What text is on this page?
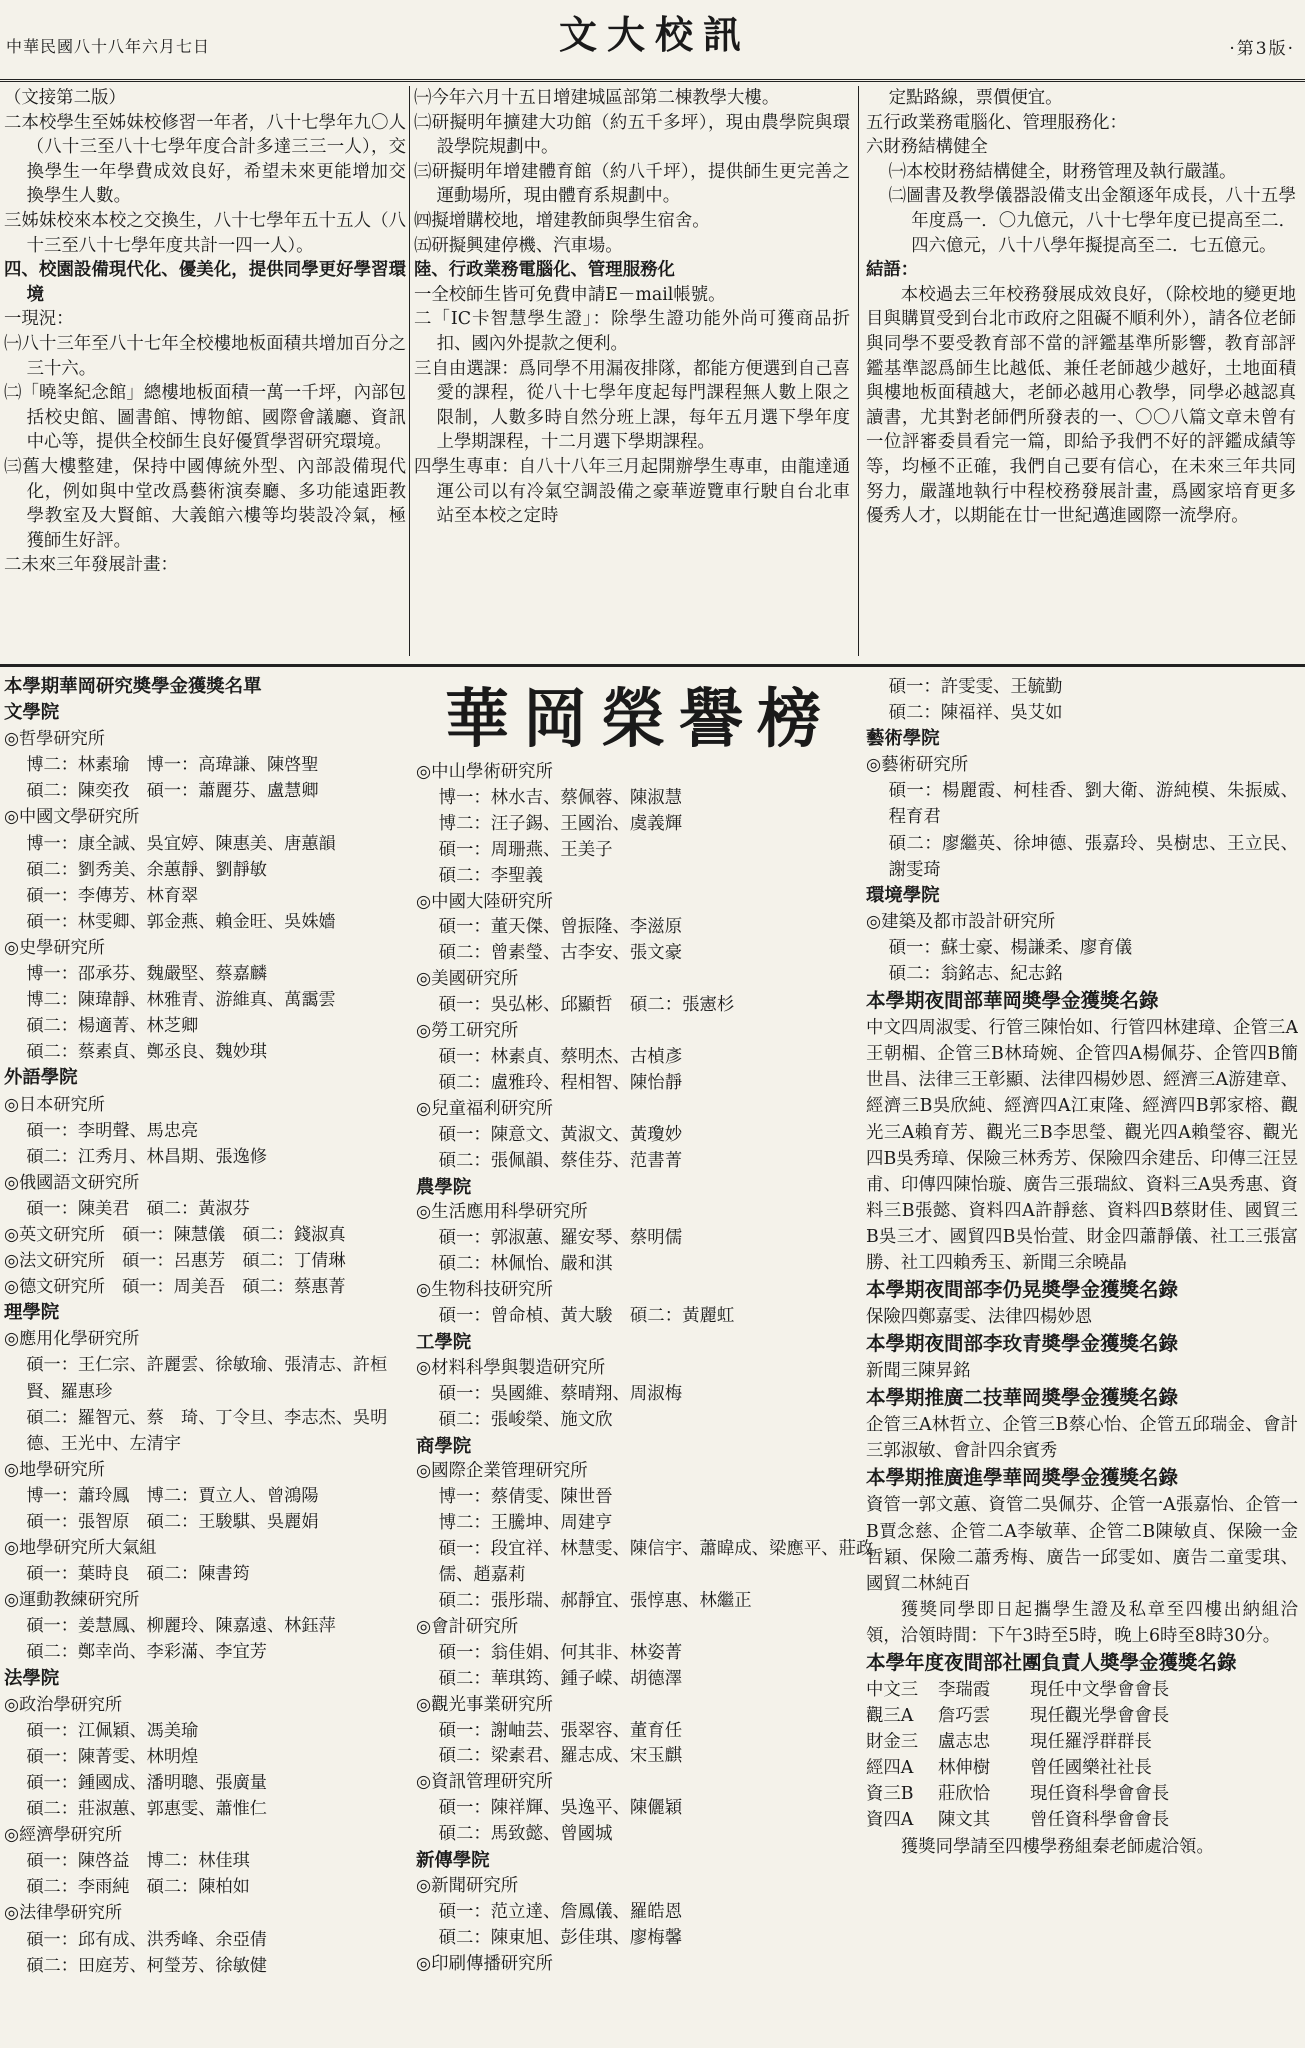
中華民國八十八年六月七日	文大校訊	·第3版·

（文接第二版）

二本校學生至姊妹校修習一年者，八十七學年九〇人（八十三至八十七學年度合計多達三三一人），交換學生一年學費成效良好，希望未來更能增加交換學生人數。

三姊妹校來本校之交換生，八十七學年五十五人（八十三至八十七學年度共計一四一人）。

四、校園設備現代化、優美化，提供同學更好學習環境

一現況：

㈠八十三年至八十七年全校樓地板面積共增加百分之三十六。

㈡「曉峯紀念館」總樓地板面積一萬一千坪，內部包括校史館、圖書館、博物館、國際會議廳、資訊中心等，提供全校師生良好優質學習研究環境。

㈢舊大樓整建，保持中國傳統外型、內部設備現代化，例如與中堂改爲藝術演奏廳、多功能遠距教學教室及大賢館、大義館六樓等均裝設冷氣，極獲師生好評。

二未來三年發展計畫：

㈠今年六月十五日增建城區部第二棟教學大樓。

㈡研擬明年擴建大功館（約五千多坪），現由農學院與環設學院規劃中。

㈢研擬明年增建體育館（約八千坪），提供師生更完善之運動場所，現由體育系規劃中。

㈣擬增購校地，增建教師與學生宿舍。

㈤研擬興建停機、汽車場。

陸、行政業務電腦化、管理服務化

一全校師生皆可免費申請E－mail帳號。

二「IC卡智慧學生證」：除學生證功能外尚可獲商品折扣、國內外提款之便利。

三自由選課：爲同學不用漏夜排隊，都能方便選到自己喜愛的課程，從八十七學年度起每門課程無人數上限之限制，人數多時自然分班上課，每年五月選下學年度上學期課程，十二月選下學期課程。

四學生專車：自八十八年三月起開辦學生專車，由龍達通運公司以有冷氣空調設備之豪華遊覽車行駛自台北車站至本校之定時

定點路線，票價便宜。

五行政業務電腦化、管理服務化：

六財務結構健全

㈠本校財務結構健全，財務管理及執行嚴謹。

㈡圖書及教學儀器設備支出金額逐年成長，八十五學年度爲一．〇九億元，八十七學年度已提高至二．四六億元，八十八學年擬提高至二．七五億元。

結語：

本校過去三年校務發展成效良好，（除校地的變更地目與購買受到台北市政府之阻礙不順利外），請各位老師與同學不要受教育部不當的評鑑基準所影響，教育部評鑑基準認爲師生比越低、兼任老師越少越好，土地面積與樓地板面積越大，老師必越用心教學，同學必越認真讀書，尤其對老師們所發表的一、〇〇八篇文章未曾有一位評審委員看完一篇，即給予我們不好的評鑑成績等等，均極不正確，我們自己要有信心，在未來三年共同努力，嚴謹地執行中程校務發展計畫，爲國家培育更多優秀人才，以期能在廿一世紀邁進國際一流學府。

華岡榮譽榜

本學期華岡研究奬學金獲獎名單

文學院

◎哲學研究所

博二：林素瑜　博一：高瑋謙、陳啓聖

碩二：陳奕孜　碩一：蕭麗芬、盧慧卿

◎中國文學研究所

博一：康全誠、吳宜婷、陳惠美、唐蕙韻

碩二：劉秀美、余蕙靜、劉靜敏

碩一：李傳芳、林育翠

碩一：林雯卿、郭金燕、賴金旺、吳姝嬙

◎史學研究所

博一：邵承芬、魏嚴堅、蔡嘉麟

博二：陳瑋靜、林雅青、游維真、萬靄雲

碩二：楊適菁、林芝卿

碩二：蔡素貞、鄭丞良、魏妙琪

外語學院

◎日本研究所

碩一：李明聲、馬忠亮

碩二：江秀月、林昌期、張逸修

◎俄國語文研究所

碩一：陳美君　碩二：黃淑芬

◎英文研究所　碩一：陳慧儀　碩二：錢淑真

◎法文研究所　碩一：呂惠芳　碩二：丁倩琳

◎德文研究所　碩一：周美吾　碩二：蔡惠菁

理學院

◎應用化學研究所

碩一：王仁宗、許麗雲、徐敏瑜、張清志、許桓賢、羅惠珍

碩二：羅智元、蔡　琦、丁令旦、李志杰、吳明德、王光中、左清宇

◎地學研究所

博一：蕭玲鳳　博二：賈立人、曾鴻陽

碩一：張智原　碩二：王駿騏、吳麗娟

◎地學研究所大氣組

碩一：葉時良　碩二：陳書筠

◎運動教練研究所

碩一：姜慧鳳、柳麗玲、陳嘉遠、林鈺萍

碩二：鄭幸尚、李彩滿、李宜芳

法學院

◎政治學研究所

碩一：江佩穎、馮美瑜

碩一：陳菁雯、林明煌

碩一：鍾國成、潘明聰、張廣量

碩二：莊淑蕙、郭惠雯、蕭惟仁

◎經濟學研究所

碩一：陳啓益　博二：林佳琪

碩二：李雨純　碩二：陳柏如

◎法律學研究所

碩一：邱有成、洪秀峰、余亞倩

碩二：田庭芳、柯瑩芳、徐敏健

◎中山學術研究所

博一：林水吉、蔡佩蓉、陳淑慧

博二：汪子錫、王國治、虞義輝

碩一：周珊燕、王美子

碩二：李聖義

◎中國大陸研究所

碩一：董天傑、曾振隆、李滋原

碩二：曾素瑩、古李安、張文豪

◎美國研究所

碩一：吳弘彬、邱顯哲　碩二：張憲杉

◎勞工研究所

碩一：林素貞、蔡明杰、古楨彥

碩二：盧雅玲、程相智、陳怡靜

◎兒童福利研究所

碩一：陳意文、黃淑文、黃瓊妙

碩二：張佩韻、蔡佳芬、范書菁

農學院

◎生活應用科學研究所

碩一：郭淑蕙、羅安琴、蔡明儒

碩二：林佩怡、嚴和淇

◎生物科技研究所

碩一：曾命楨、黃大駿　碩二：黃麗虹

工學院

◎材料科學與製造研究所

碩一：吳國維、蔡晴翔、周淑梅

碩二：張峻榮、施文欣

商學院

◎國際企業管理研究所

博一：蔡倩雯、陳世晉

博二：王騰坤、周建亨

碩一：段宜祥、林慧雯、陳信宇、蕭暐成、梁應平、莊政儒、趙嘉莉

碩二：張彤瑞、郝靜宜、張惇惠、林繼正

◎會計研究所

碩一：翁佳娟、何其非、林姿菁

碩二：華琪筠、鍾子嵘、胡德澤

◎觀光事業研究所

碩一：謝岫芸、張翠容、董育任

碩二：梁素君、羅志成、宋玉麒

◎資訊管理研究所

碩一：陳祥輝、吳逸平、陳儷穎

碩二：馬致懿、曾國城

新傳學院

◎新聞研究所

碩一：范立達、詹鳳儀、羅皓恩

碩二：陳東旭、彭佳琪、廖梅馨

◎印刷傳播研究所

碩一：許雯雯、王毓勤

碩二：陳福祥、吳艾如

藝術學院

◎藝術研究所

碩一：楊麗霞、柯桂香、劉大衛、游純模、朱振威、程育君

碩二：廖繼英、徐坤德、張嘉玲、吳樹忠、王立民、謝雯琦

環境學院

◎建築及都市設計研究所

碩一：蘇士豪、楊謙柔、廖育儀

碩二：翁銘志、紀志銘

本學期夜間部華岡奬學金獲獎名錄

中文四周淑雯、行管三陳怡如、行管四林建璋、企管三A王朝楣、企管三B林琦婉、企管四A楊佩芬、企管四B簡世昌、法律三王彰顯、法律四楊妙恩、經濟三A游建章、經濟三B吳欣純、經濟四A江東隆、經濟四B郭家榕、觀光三A賴育芳、觀光三B李思瑩、觀光四A賴瑩容、觀光四B吳秀璋、保險三林秀芳、保險四余建岳、印傳三汪昱甫、印傳四陳怡璇、廣告三張瑞紋、資料三A吳秀惠、資料三B張懿、資料四A許靜慈、資料四B蔡財佳、國貿三B吳三才、國貿四B吳怡萱、財金四蕭靜儀、社工三張富勝、社工四賴秀玉、新聞三余曉晶

本學期夜間部李仍晃奬學金獲獎名錄

保險四鄭嘉雯、法律四楊妙恩

本學期夜間部李玫青奬學金獲獎名錄

新聞三陳昇銘

本學期推廣二技華岡奬學金獲獎名錄

企管三A林哲立、企管三B蔡心怡、企管五邱瑞金、會計三郭淑敏、會計四余賓秀

本學期推廣進學華岡奬學金獲獎名錄

資管一郭文蕙、資管二吳佩芬、企管一A張嘉怡、企管一B賈念慈、企管二A李敏華、企管二B陳敏貞、保險一金哲穎、保險二蕭秀梅、廣告一邱雯如、廣告二童雯琪、國貿二林純百

獲獎同學即日起攜學生證及私章至四樓出納組洽領，洽領時間：下午3時至5時，晚上6時至8時30分。

本學年度夜間部社團負責人奬學金獲獎名錄

中文三	李瑞霞	現任中文學會會長
觀三A	詹巧雲	現任觀光學會會長
財金三	盧志忠	現任羅浮群群長
經四A	林伸樹	曾任國樂社社長
資三B	莊欣恰	現任資科學會會長
資四A	陳文其	曾任資科學會會長

獲獎同學請至四樓學務組秦老師處洽領。
